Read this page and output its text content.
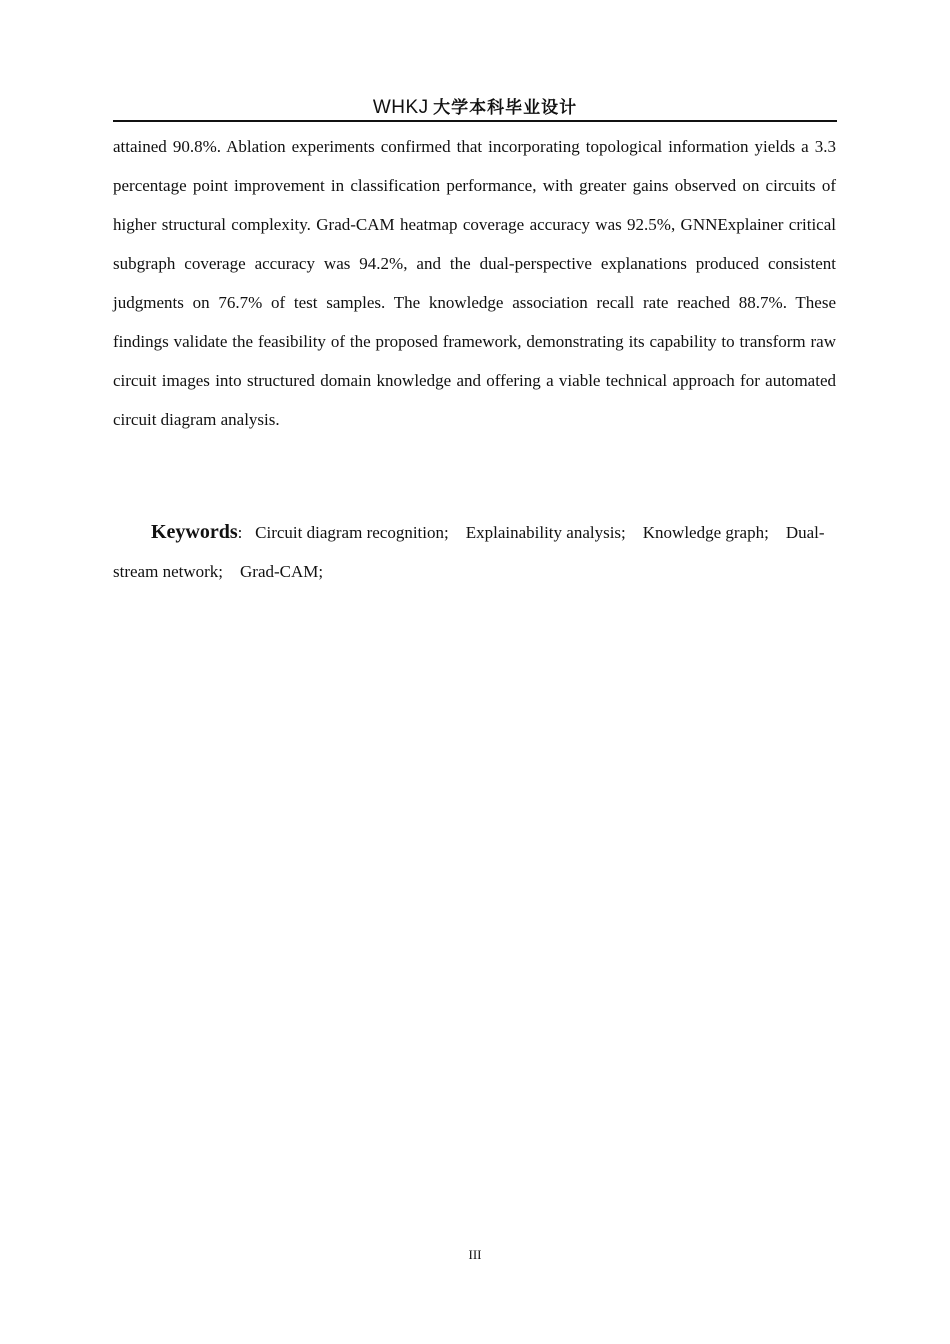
WHKJ 大学本科毕业设计

attained 90.8%. Ablation experiments confirmed that incorporating topological information yields a 3.3 percentage point improvement in classification performance, with greater gains observed on circuits of higher structural complexity. Grad-CAM heatmap coverage accuracy was 92.5%, GNNExplainer critical subgraph coverage accuracy was 94.2%, and the dual-perspective explanations produced consistent judgments on 76.7% of test samples. The knowledge association recall rate reached 88.7%. These findings validate the feasibility of the proposed framework, demonstrating its capability to transform raw circuit images into structured domain knowledge and offering a viable technical approach for automated circuit diagram analysis.

Keywords: Circuit diagram recognition; Explainability analysis; Knowledge graph; Dual-stream network; Grad-CAM;

III
